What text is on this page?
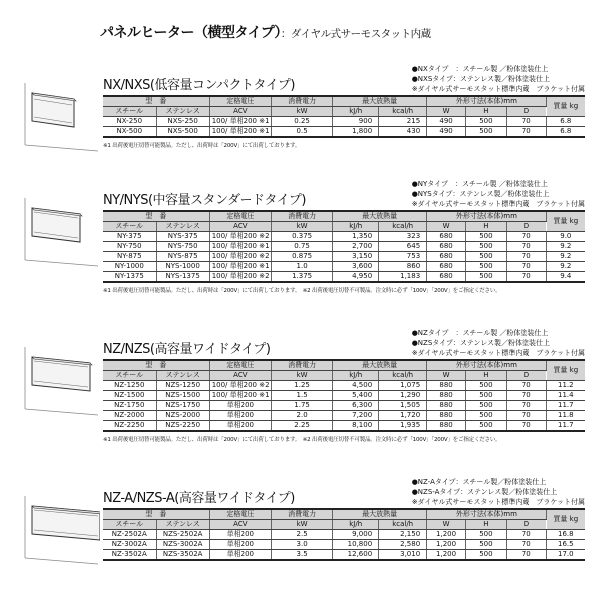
パネルヒーター（横型タイプ）：ダイヤル式サーモスタット内蔵
NX/NXS(低容量コンパクトタイプ)
●NXタイプ　：スチール製 ／粉体塗装仕上
●NXSタイプ：ステンレス製／粉体塗装仕上
※ダイヤル式サーモスタット標準内蔵　ブラケット付属
型　番		定格電圧	消費電力	最大放熱量		外形寸法(本体)mm			質量 kg
スチール	ステンレス	ACV	kW	kJ/h	kcal/h	W	H	D	
NX-250	NXS-250	100/ 単相200 ※1	0.25	900	215	490	500	70	6.8
NX-500	NXS-500	100/ 単相200 ※1	0.5	1,800	430	490	500	70	6.8
※1 出荷後電圧切替可能製品。ただし、出荷時は「200V」にて出荷しております。
NY/NYS(中容量スタンダードタイプ)
●NYタイプ　：スチール製 ／粉体塗装仕上
●NYSタイプ：ステンレス製／粉体塗装仕上
※ダイヤル式サーモスタット標準内蔵　ブラケット付属
型　番		定格電圧	消費電力	最大放熱量		外形寸法(本体)mm			質量 kg
スチール	ステンレス	ACV	kW	kJ/h	kcal/h	W	H	D	
NY-375	NYS-375	100/ 単相200 ※2	0.375	1,350	323	680	500	70	9.0
NY-750	NYS-750	100/ 単相200 ※1	0.75	2,700	645	680	500	70	9.2
NY-875	NYS-875	100/ 単相200 ※2	0.875	3,150	753	680	500	70	9.2
NY-1000	NYS-1000	100/ 単相200 ※1	1.0	3,600	860	680	500	70	9.2
NY-1375	NYS-1375	100/ 単相200 ※2	1.375	4,950	1,183	680	500	70	9.4
※1 出荷後電圧切替可能製品。ただし、出荷時は「200V」にて出荷しております。　※2 出荷後電圧切替不可製品。注文時に必ず「100V」「200V」をご指定ください。
NZ/NZS(高容量ワイドタイプ)
●NZタイプ　：スチール製 ／粉体塗装仕上
●NZSタイプ：ステンレス製／粉体塗装仕上
※ダイヤル式サーモスタット標準内蔵　ブラケット付属
型　番		定格電圧	消費電力	最大放熱量		外形寸法(本体)mm			質量 kg
スチール	ステンレス	ACV	kW	kJ/h	kcal/h	W	H	D	
NZ-1250	NZS-1250	100/ 単相200 ※2	1.25	4,500	1,075	880	500	70	11.2
NZ-1500	NZS-1500	100/ 単相200 ※1	1.5	5,400	1,290	880	500	70	11.4
NZ-1750	NZS-1750	単相200	1.75	6,300	1,505	880	500	70	11.7
NZ-2000	NZS-2000	単相200	2.0	7,200	1,720	880	500	70	11.8
NZ-2250	NZS-2250	単相200	2.25	8,100	1,935	880	500	70	11.7
※1 出荷後電圧切替可能製品。ただし、出荷時は「200V」にて出荷しております。　※2 出荷後電圧切替不可製品。注文時に必ず「100V」「200V」をご指定ください。
NZ-A/NZS-A(高容量ワイドタイプ)
●NZ-Aタイプ：スチール製／粉体塗装仕上
●NZS-Aタイプ：ステンレス製／粉体塗装仕上
※ダイヤル式サーモスタット標準内蔵　ブラケット付属
型　番		定格電圧	消費電力	最大放熱量		外形寸法(本体)mm			質量 kg
スチール	ステンレス	ACV	kW	kJ/h	kcal/h	W	H	D	
NZ-2502A	NZS-2502A	単相200	2.5	9,000	2,150	1,200	500	70	16.8
NZ-3002A	NZS-3002A	単相200	3.0	10,800	2,580	1,200	500	70	16.5
NZ-3502A	NZS-3502A	単相200	3.5	12,600	3,010	1,200	500	70	17.0
